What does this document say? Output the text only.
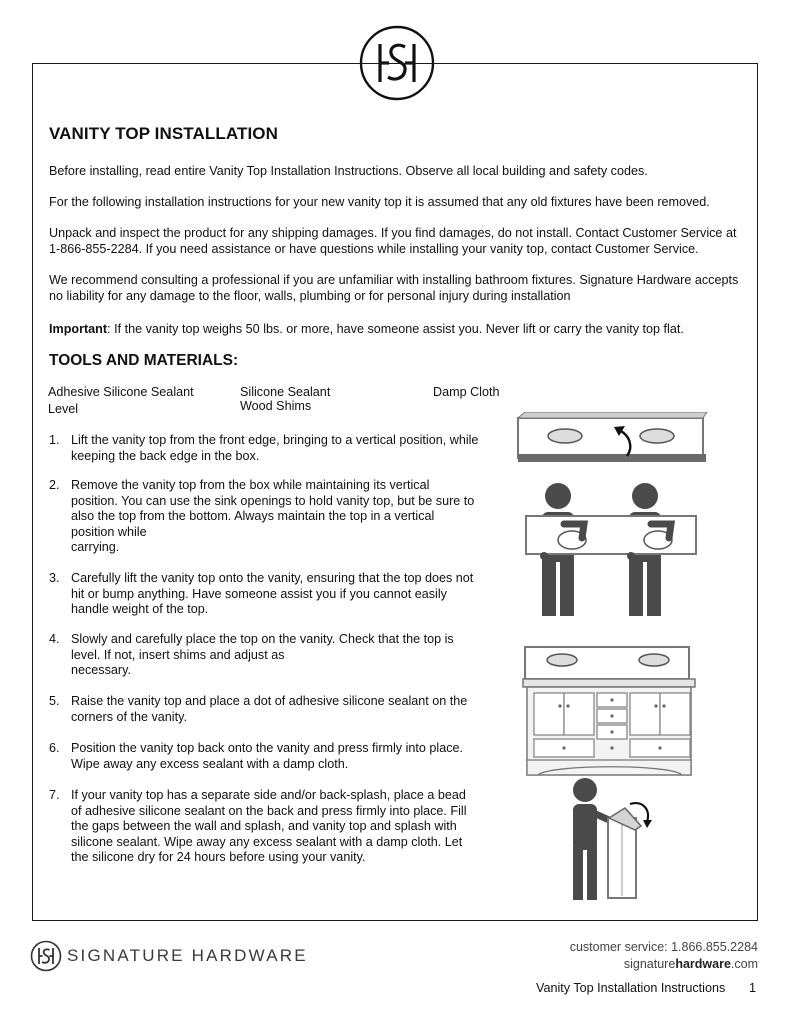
VANITY TOP INSTALLATION

Before installing, read entire Vanity Top Installation Instructions. Observe all local building and safety codes.

For the following installation instructions for your new vanity top it is assumed that any old fixtures have been removed.

Unpack and inspect the product for any shipping damages. If you find damages, do not install. Contact Customer Service at 1-866-855-2284. If you need assistance or have questions while installing your vanity top, contact Customer Service.

We recommend consulting a professional if you are unfamiliar with installing bathroom fixtures. Signature Hardware accepts no liability for any damage to the floor, walls, plumbing or for personal injury during installation

Important: If the vanity top weighs 50 lbs. or more, have someone assist you. Never lift or carry the vanity top flat.

TOOLS AND MATERIALS:

Adhesive Silicone Sealant

Level

Silicone Sealant

Wood Shims

Damp Cloth

1. Lift the vanity top from the front edge, bringing to a vertical position, while keeping the back edge in the box.
2. Remove the vanity top from the box while maintaining its vertical position. You can use the sink openings to hold vanity top, but be sure to also the top from the bottom. Always maintain the top in a vertical position while
carrying.
3. Carefully lift the vanity top onto the vanity, ensuring that the top does not hit or bump anything. Have someone assist you if you cannot easily handle weight of the top.
4. Slowly and carefully place the top on the vanity. Check that the top is level. If not, insert shims and adjust as
necessary.
5. Raise the vanity top and place a dot of adhesive silicone sealant on the corners of the vanity.
6. Position the vanity top back onto the vanity and press firmly into place. Wipe away any excess sealant with a damp cloth.
7. If your vanity top has a separate side and/or back-splash, place a bead of adhesive silicone sealant on the back and press firmly into place. Fill the gaps between the wall and splash, and vanity top and splash with silicone sealant. Wipe away any excess sealant with a damp cloth. Let the silicone dry for 24 hours before using your vanity.
SIGNATURE HARDWARE	customer service: 1.866.855.2284
signaturehardware.com
Vanity Top Installation Instructions 1
